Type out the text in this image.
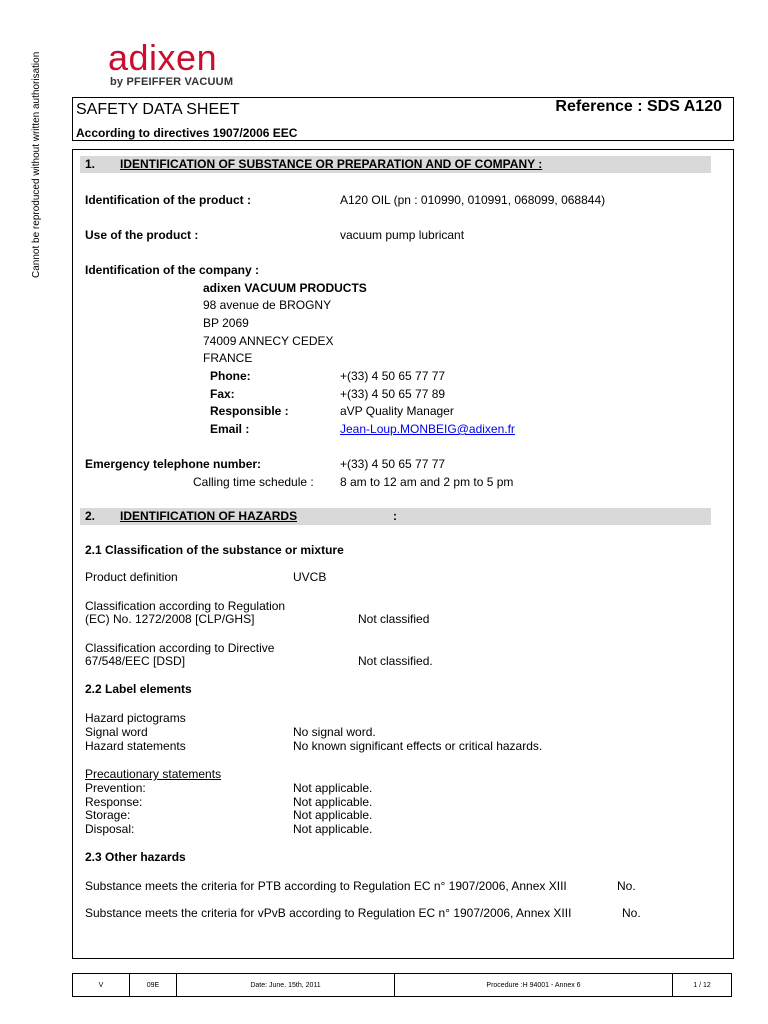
adixen
by PFEIFFER VACUUM
Cannot be reproduced without written authorisation SAFETY DATA SHEET	Reference : SDS A120
According to directives 1907/2006 EEC
1. IDENTIFICATION OF SUBSTANCE OR PREPARATION AND OF COMPANY :
Identification of the product :	A120 OIL (pn : 010990, 010991, 068099, 068844)
Use of the product :	vacuum pump lubricant
Identification of the company :
adixen VACUUM PRODUCTS
98 avenue de BROGNY
BP 2069
74009 ANNECY CEDEX
FRANCE
Phone:	+(33) 4 50 65 77 77
Fax:	+(33) 4 50 65 77 89
Responsible :	aVP Quality Manager
Email :	Jean-Loup.MONBEIG@adixen.fr
Emergency telephone number:	+(33) 4 50 65 77 77
Calling time schedule : 8 am to 12 am and 2 pm to 5 pm
2. IDENTIFICATION OF HAZARDS	:
2.1 Classification of the substance or mixture
Product definition	UVCB
Classification according to Regulation
(EC) No. 1272/2008 [CLP/GHS]	Not classified
Classification according to Directive
67/548/EEC [DSD]	Not classified.
2.2 Label elements
Hazard pictograms
Signal word	No signal word.
Hazard statements	No known significant effects or critical hazards.
Precautionary statements
Prevention:	Not applicable.
Response:	Not applicable.
Storage:	Not applicable.
Disposal:	Not applicable.
2.3 Other hazards
Substance meets the criteria for PTB according to Regulation EC n° 1907/2006, Annex XIII	No.
Substance meets the criteria for vPvB according to Regulation EC n° 1907/2006, Annex XIII	No.
V	09E	Date: June. 15th, 2011	Procedure :H 94001 - Annex 6	1 / 12
